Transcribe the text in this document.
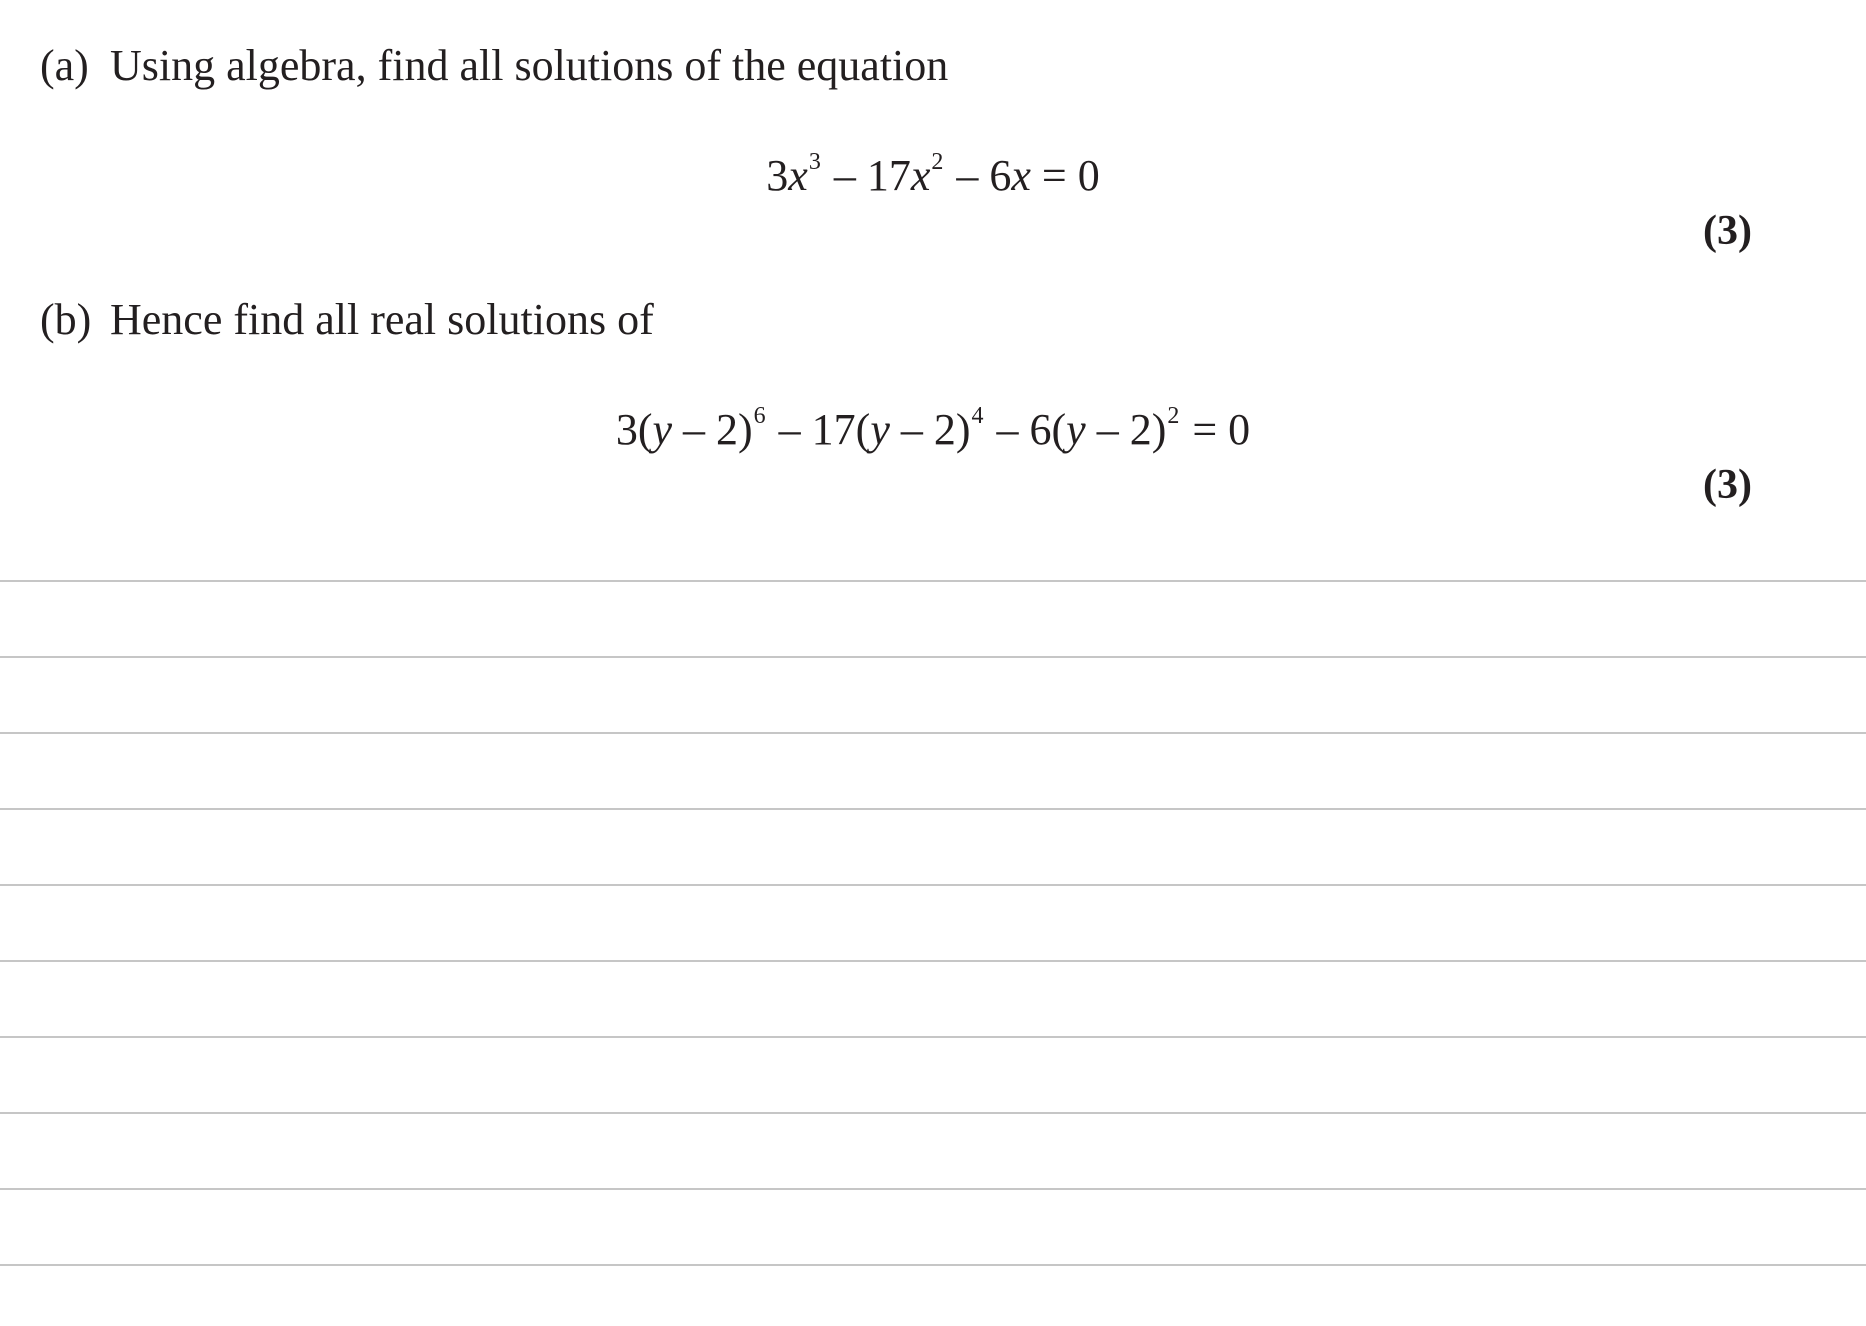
(a) Using algebra, find all solutions of the equation
$3x^3 - 17x^2 - 6x = 0$
(3)
(b) Hence find all real solutions of
3(y – 2)$^6$ – 17(y – 2)$^4$ – 6(y – 2)$^2$ = 0
(3)
